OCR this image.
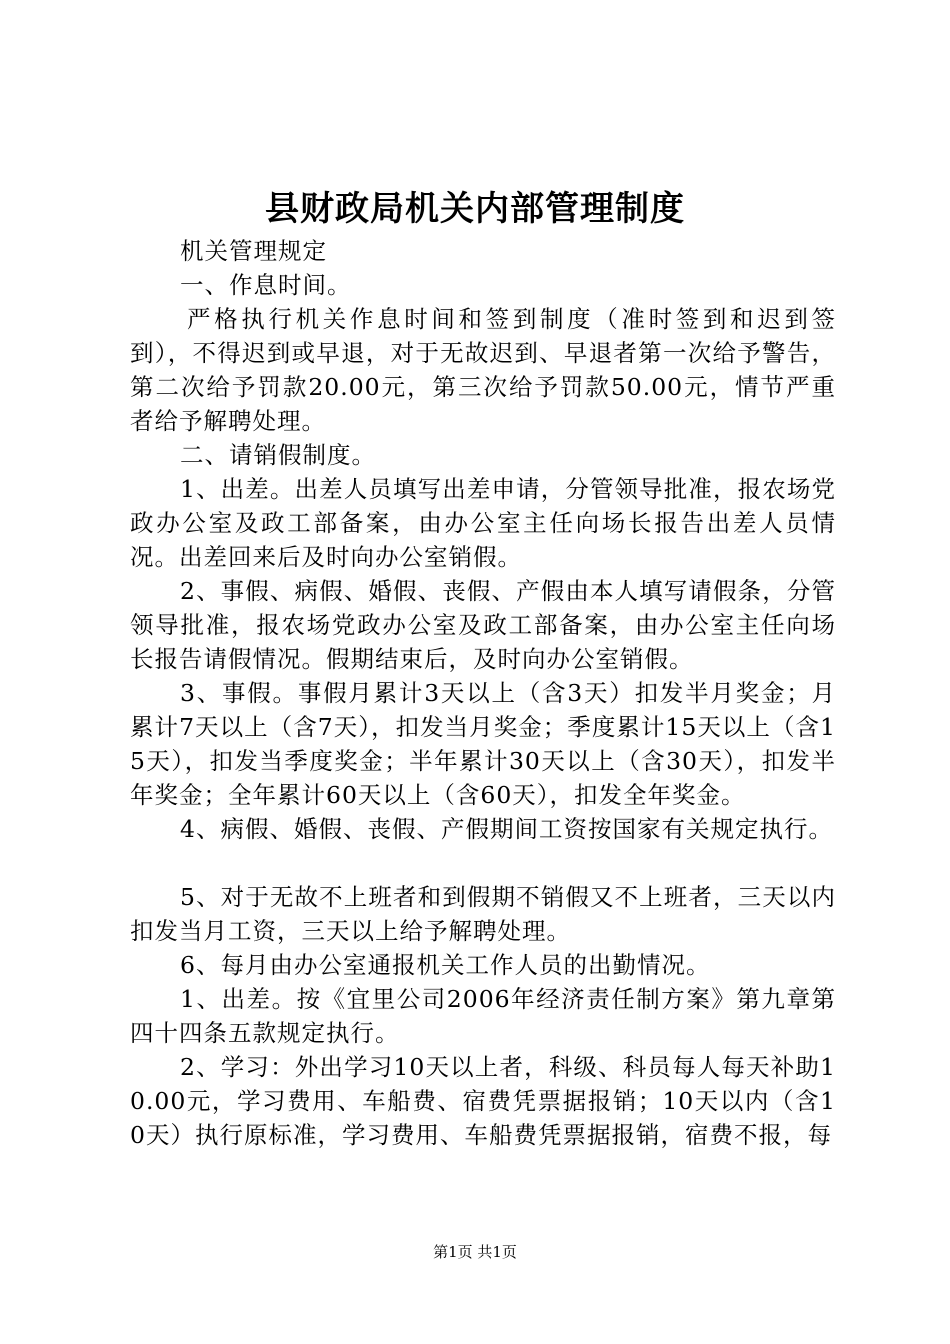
县财政局机关内部管理制度

机关管理规定

一、作息时间。

严格执行机关作息时间和签到制度（准时签到和迟到签到），不得迟到或早退，对于无故迟到、早退者第一次给予警告，第二次给予罚款20.00元，第三次给予罚款50.00元，情节严重者给予解聘处理。

二、请销假制度。

1、出差。出差人员填写出差申请，分管领导批准，报农场党政办公室及政工部备案，由办公室主任向场长报告出差人员情况。出差回来后及时向办公室销假。

2、事假、病假、婚假、丧假、产假由本人填写请假条，分管领导批准，报农场党政办公室及政工部备案，由办公室主任向场长报告请假情况。假期结束后，及时向办公室销假。

3、事假。事假月累计3天以上（含3天）扣发半月奖金；月累计7天以上（含7天），扣发当月奖金；季度累计15天以上（含15天），扣发当季度奖金；半年累计30天以上（含30天），扣发半年奖金；全年累计60天以上（含60天），扣发全年奖金。

4、病假、婚假、丧假、产假期间工资按国家有关规定执行。

5、对于无故不上班者和到假期不销假又不上班者，三天以内扣发当月工资，三天以上给予解聘处理。

6、每月由办公室通报机关工作人员的出勤情况。

1、出差。按《宜里公司2006年经济责任制方案》第九章第四十四条五款规定执行。

2、学习：外出学习10天以上者，科级、科员每人每天补助10.00元，学习费用、车船费、宿费凭票据报销；10天以内（含10天）执行原标准，学习费用、车船费凭票据报销，宿费不报，每

第1页 共1页
